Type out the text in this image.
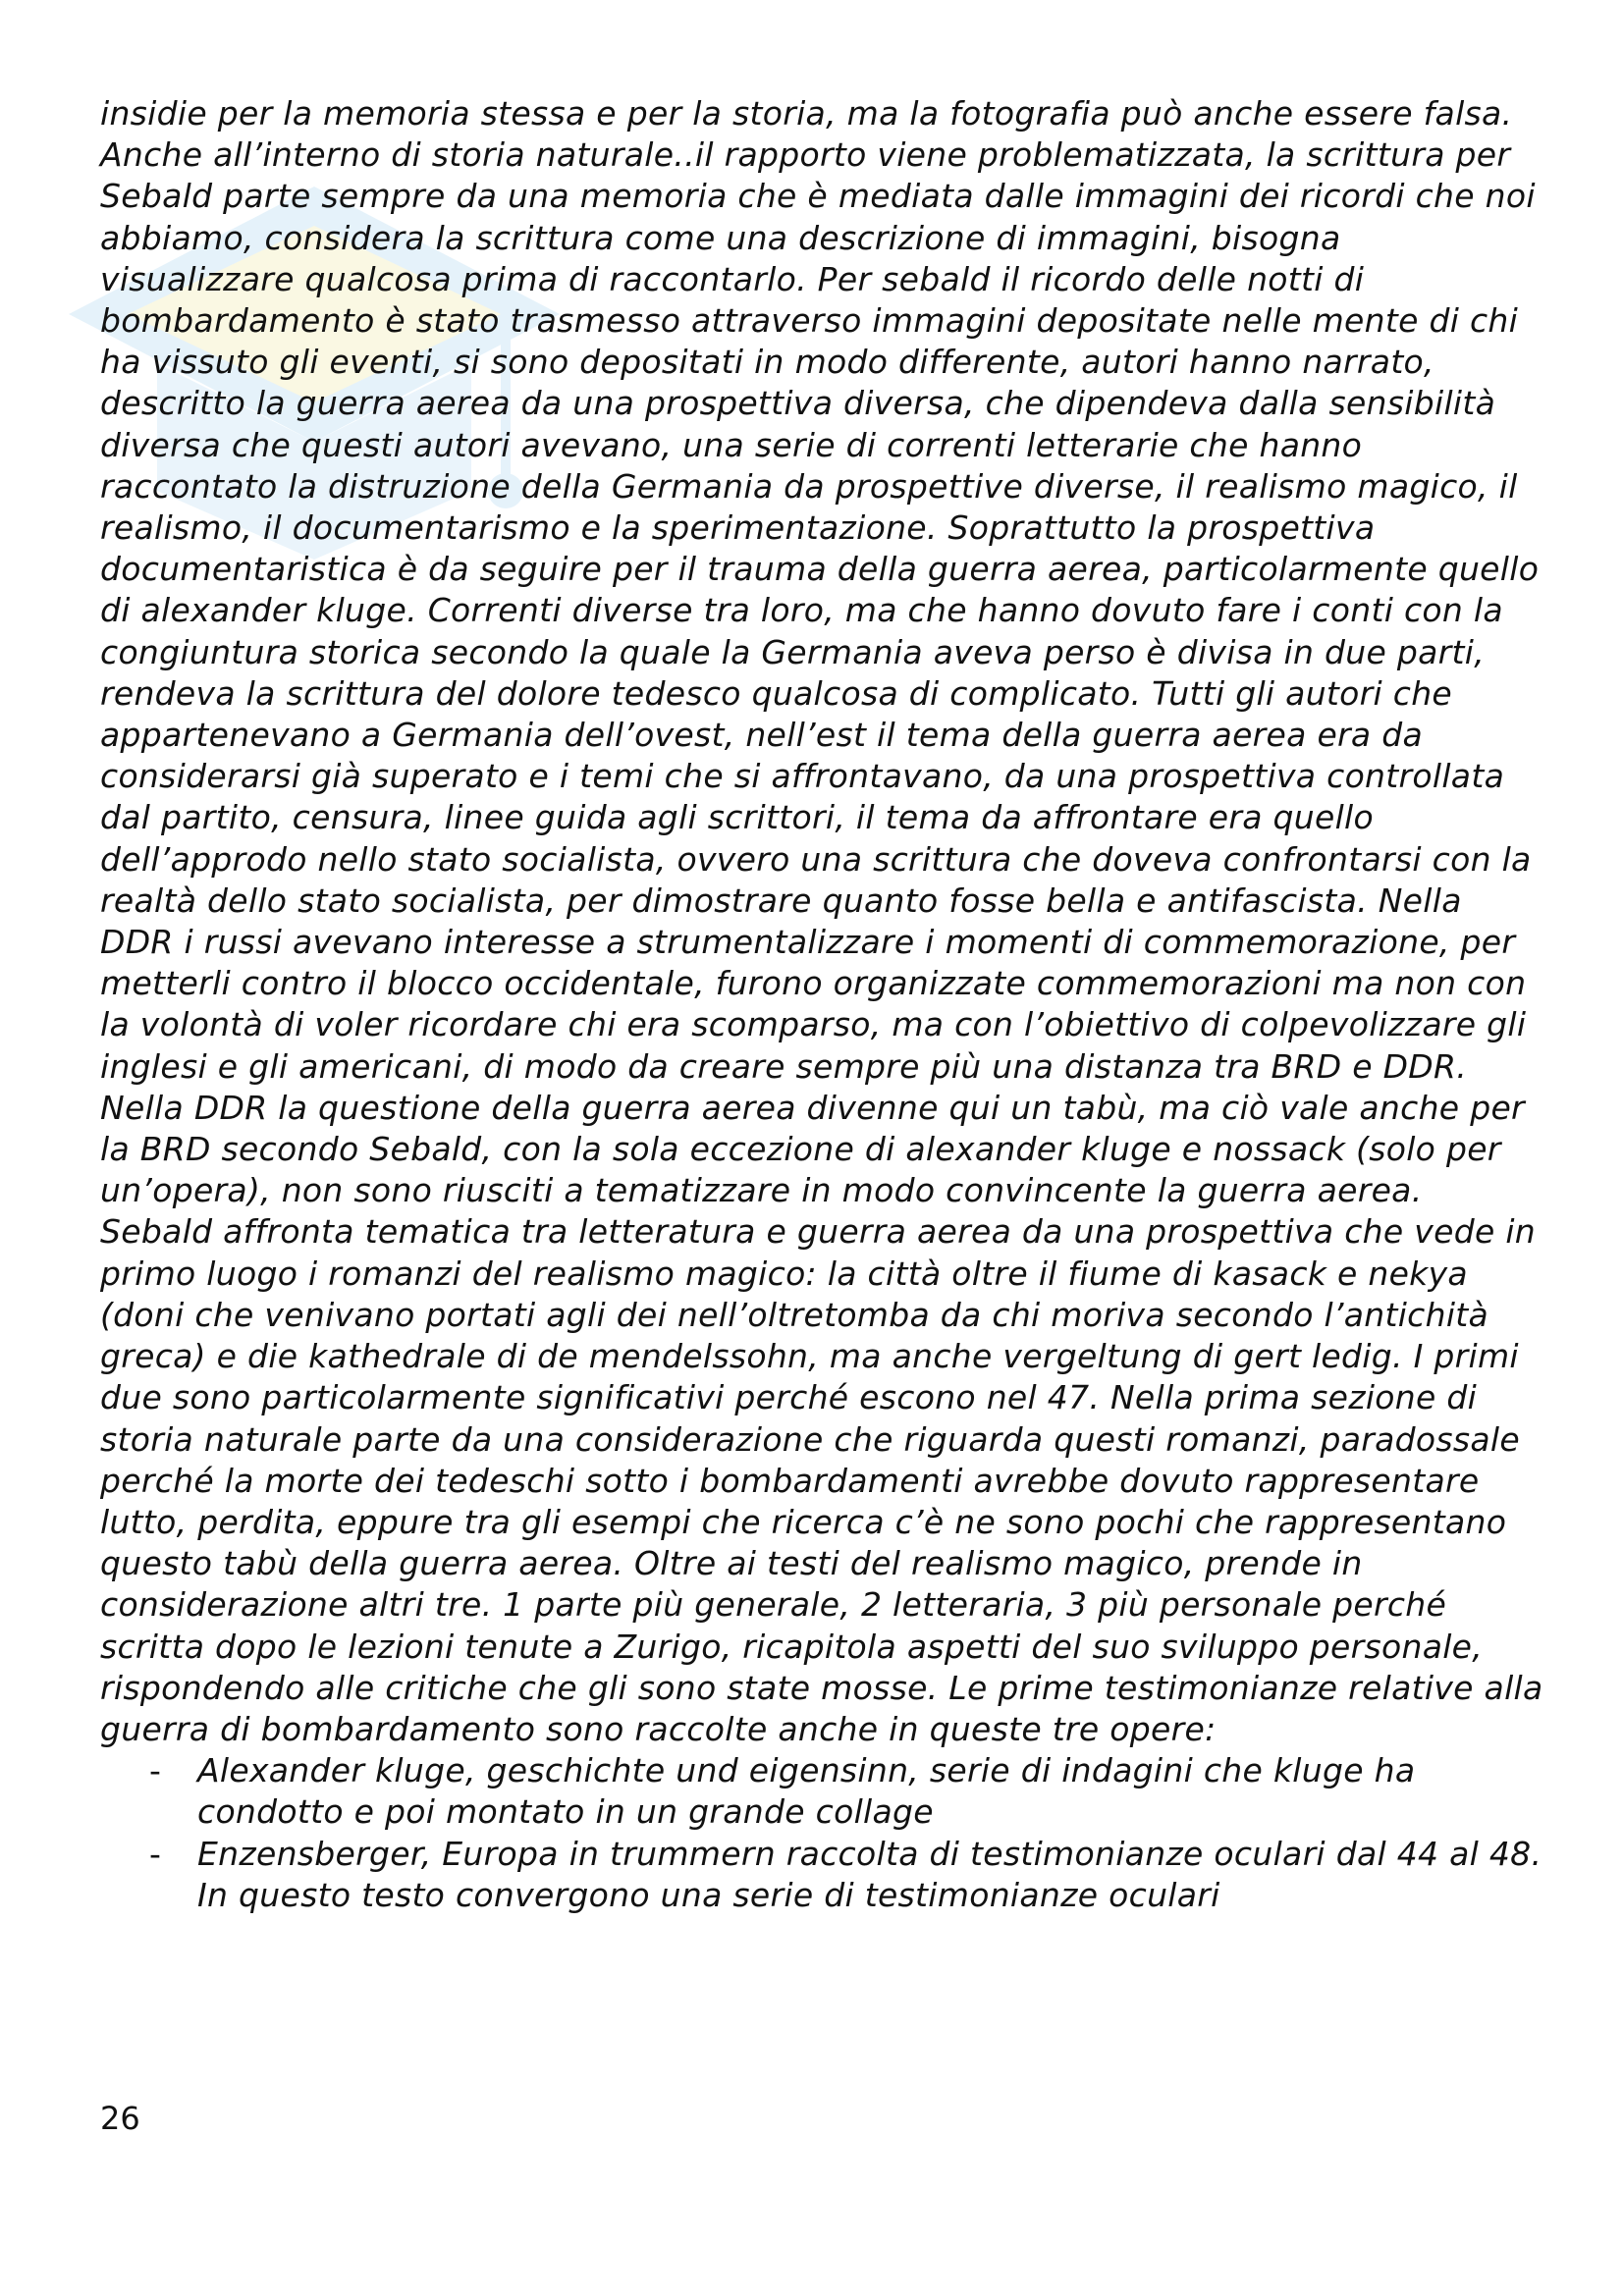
insidie per la memoria stessa e per la storia, ma la fotografia può anche essere falsa. Anche all’interno di storia naturale..il rapporto viene problematizzata, la scrittura per Sebald parte sempre da una memoria che è mediata dalle immagini dei ricordi che noi abbiamo, considera la scrittura come una descrizione di immagini, bisogna visualizzare qualcosa prima di raccontarlo. Per sebald il ricordo delle notti di bombardamento è stato trasmesso attraverso immagini depositate nelle mente di chi ha vissuto gli eventi, si sono depositati in modo differente, autori hanno narrato, descritto la guerra aerea da una prospettiva diversa, che dipendeva dalla sensibilità diversa che questi autori avevano, una serie di correnti letterarie che hanno raccontato la distruzione della Germania da prospettive diverse, il realismo magico, il realismo, il documentarismo e la sperimentazione. Soprattutto la prospettiva documentaristica è da seguire per il trauma della guerra aerea, particolarmente quello di alexander kluge. Correnti diverse tra loro, ma che hanno dovuto fare i conti con la congiuntura storica secondo la quale la Germania aveva perso è divisa in due parti, rendeva la scrittura del dolore tedesco qualcosa di complicato. Tutti gli autori che appartenevano a Germania dell’ovest, nell’est il tema della guerra aerea era da considerarsi già superato e i temi che si affrontavano, da una prospettiva controllata dal partito, censura, linee guida agli scrittori, il tema da affrontare era quello dell’approdo nello stato socialista, ovvero una scrittura che doveva confrontarsi con la realtà dello stato socialista, per dimostrare quanto fosse bella e antifascista. Nella DDR i russi avevano interesse a strumentalizzare i momenti di commemorazione, per metterli contro il blocco occidentale, furono organizzate commemorazioni ma non con la volontà di voler ricordare chi era scomparso, ma con l’obiettivo di colpevolizzare gli inglesi e gli americani, di modo da creare sempre più una distanza tra BRD e DDR. Nella DDR la questione della guerra aerea divenne qui un tabù, ma ciò vale anche per la BRD secondo Sebald, con la sola eccezione di alexander kluge e nossack (solo per un’opera), non sono riusciti a tematizzare in modo convincente la guerra aerea.

Sebald affronta tematica tra letteratura e guerra aerea da una prospettiva che vede in primo luogo i romanzi del realismo magico: la città oltre il fiume di kasack e nekya (doni che venivano portati agli dei nell’oltretomba da chi moriva secondo l’antichità greca) e die kathedrale di de mendelssohn, ma anche vergeltung di gert ledig. I primi due sono particolarmente significativi perché escono nel 47. Nella prima sezione di storia naturale parte da una considerazione che riguarda questi romanzi, paradossale perché la morte dei tedeschi sotto i bombardamenti avrebbe dovuto rappresentare lutto, perdita, eppure tra gli esempi che ricerca c’è ne sono pochi che rappresentano questo tabù della guerra aerea. Oltre ai testi del realismo magico, prende in considerazione altri tre. 1 parte più generale, 2 letteraria, 3 più personale perché scritta dopo le lezioni tenute a Zurigo, ricapitola aspetti del suo sviluppo personale, rispondendo alle critiche che gli sono state mosse. Le prime testimonianze relative alla guerra di bombardamento sono raccolte anche in queste tre opere:

- Alexander kluge, geschichte und eigensinn, serie di indagini che kluge ha condotto e poi montato in un grande collage
- Enzensberger, Europa in trummern raccolta di testimonianze oculari dal 44 al 48. In questo testo convergono una serie di testimonianze oculari
26
